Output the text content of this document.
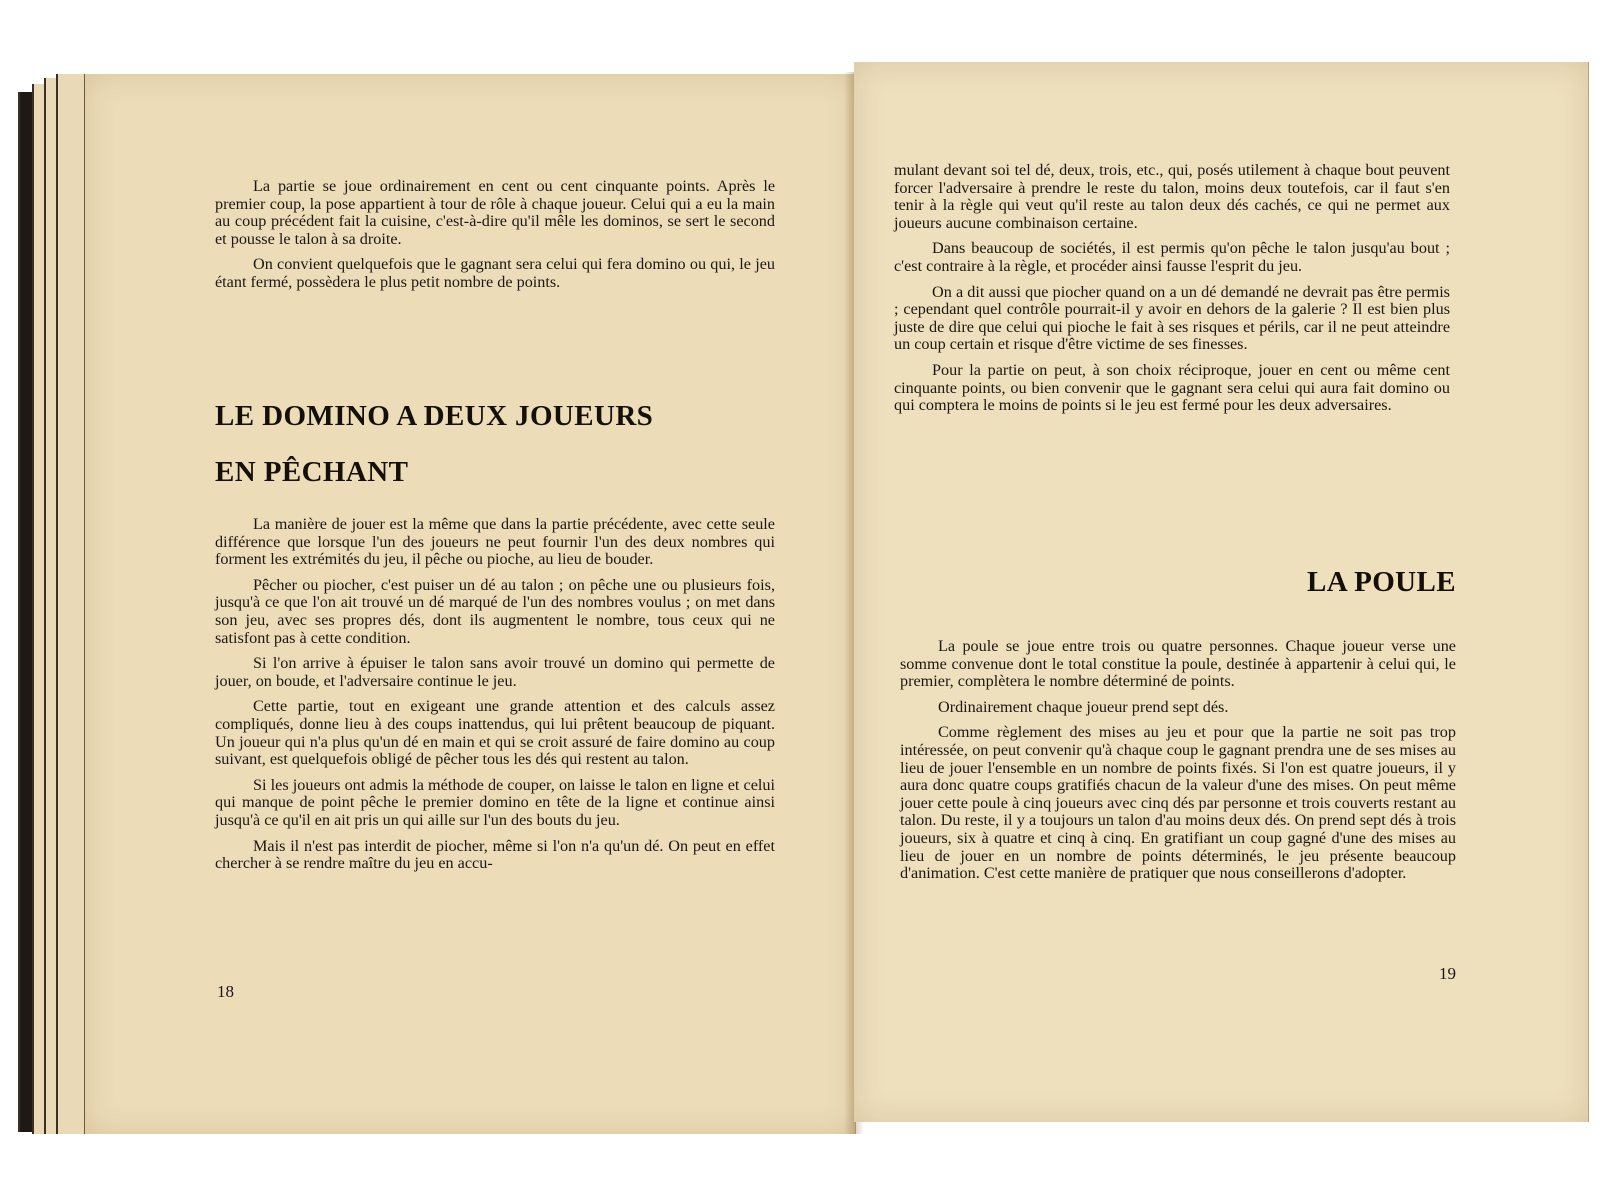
La partie se joue ordinairement en cent ou cent cinquante points. Après le premier coup, la pose appartient à tour de rôle à chaque joueur. Celui qui a eu la main au coup précédent fait la cuisine, c'est-à-dire qu'il mêle les dominos, se sert le second et pousse le talon à sa droite.

On convient quelquefois que le gagnant sera celui qui fera domino ou qui, le jeu étant fermé, possèdera le plus petit nombre de points.

LE DOMINO A DEUX JOUEURS
EN PÊCHANT

La manière de jouer est la même que dans la partie précédente, avec cette seule différence que lorsque l'un des joueurs ne peut fournir l'un des deux nombres qui forment les extrémités du jeu, il pêche ou pioche, au lieu de bouder.

Pêcher ou piocher, c'est puiser un dé au talon ; on pêche une ou plusieurs fois, jusqu'à ce que l'on ait trouvé un dé marqué de l'un des nombres voulus ; on met dans son jeu, avec ses propres dés, dont ils augmentent le nombre, tous ceux qui ne satisfont pas à cette condition.

Si l'on arrive à épuiser le talon sans avoir trouvé un domino qui permette de jouer, on boude, et l'adversaire continue le jeu.

Cette partie, tout en exigeant une grande attention et des calculs assez compliqués, donne lieu à des coups inattendus, qui lui prêtent beaucoup de piquant. Un joueur qui n'a plus qu'un dé en main et qui se croit assuré de faire domino au coup suivant, est quelquefois obligé de pêcher tous les dés qui restent au talon.

Si les joueurs ont admis la méthode de couper, on laisse le talon en ligne et celui qui manque de point pêche le premier domino en tête de la ligne et continue ainsi jusqu'à ce qu'il en ait pris un qui aille sur l'un des bouts du jeu.

Mais il n'est pas interdit de piocher, même si l'on n'a qu'un dé. On peut en effet chercher à se rendre maître du jeu en accu-

18

mulant devant soi tel dé, deux, trois, etc., qui, posés utilement à chaque bout peuvent forcer l'adversaire à prendre le reste du talon, moins deux toutefois, car il faut s'en tenir à la règle qui veut qu'il reste au talon deux dés cachés, ce qui ne permet aux joueurs aucune combinaison certaine.

Dans beaucoup de sociétés, il est permis qu'on pêche le talon jusqu'au bout ; c'est contraire à la règle, et procéder ainsi fausse l'esprit du jeu.

On a dit aussi que piocher quand on a un dé demandé ne devrait pas être permis ; cependant quel contrôle pourrait-il y avoir en dehors de la galerie ? Il est bien plus juste de dire que celui qui pioche le fait à ses risques et périls, car il ne peut atteindre un coup certain et risque d'être victime de ses finesses.

Pour la partie on peut, à son choix réciproque, jouer en cent ou même cent cinquante points, ou bien convenir que le gagnant sera celui qui aura fait domino ou qui comptera le moins de points si le jeu est fermé pour les deux adversaires.

LA POULE

La poule se joue entre trois ou quatre personnes. Chaque joueur verse une somme convenue dont le total constitue la poule, destinée à appartenir à celui qui, le premier, complètera le nombre déterminé de points.

Ordinairement chaque joueur prend sept dés.

Comme règlement des mises au jeu et pour que la partie ne soit pas trop intéressée, on peut convenir qu'à chaque coup le gagnant prendra une de ses mises au lieu de jouer l'ensemble en un nombre de points fixés. Si l'on est quatre joueurs, il y aura donc quatre coups gratifiés chacun de la valeur d'une des mises. On peut même jouer cette poule à cinq joueurs avec cinq dés par personne et trois couverts restant au talon. Du reste, il y a toujours un talon d'au moins deux dés. On prend sept dés à trois joueurs, six à quatre et cinq à cinq. En gratifiant un coup gagné d'une des mises au lieu de jouer en un nombre de points déterminés, le jeu présente beaucoup d'animation. C'est cette manière de pratiquer que nous conseillerons d'adopter.

19
